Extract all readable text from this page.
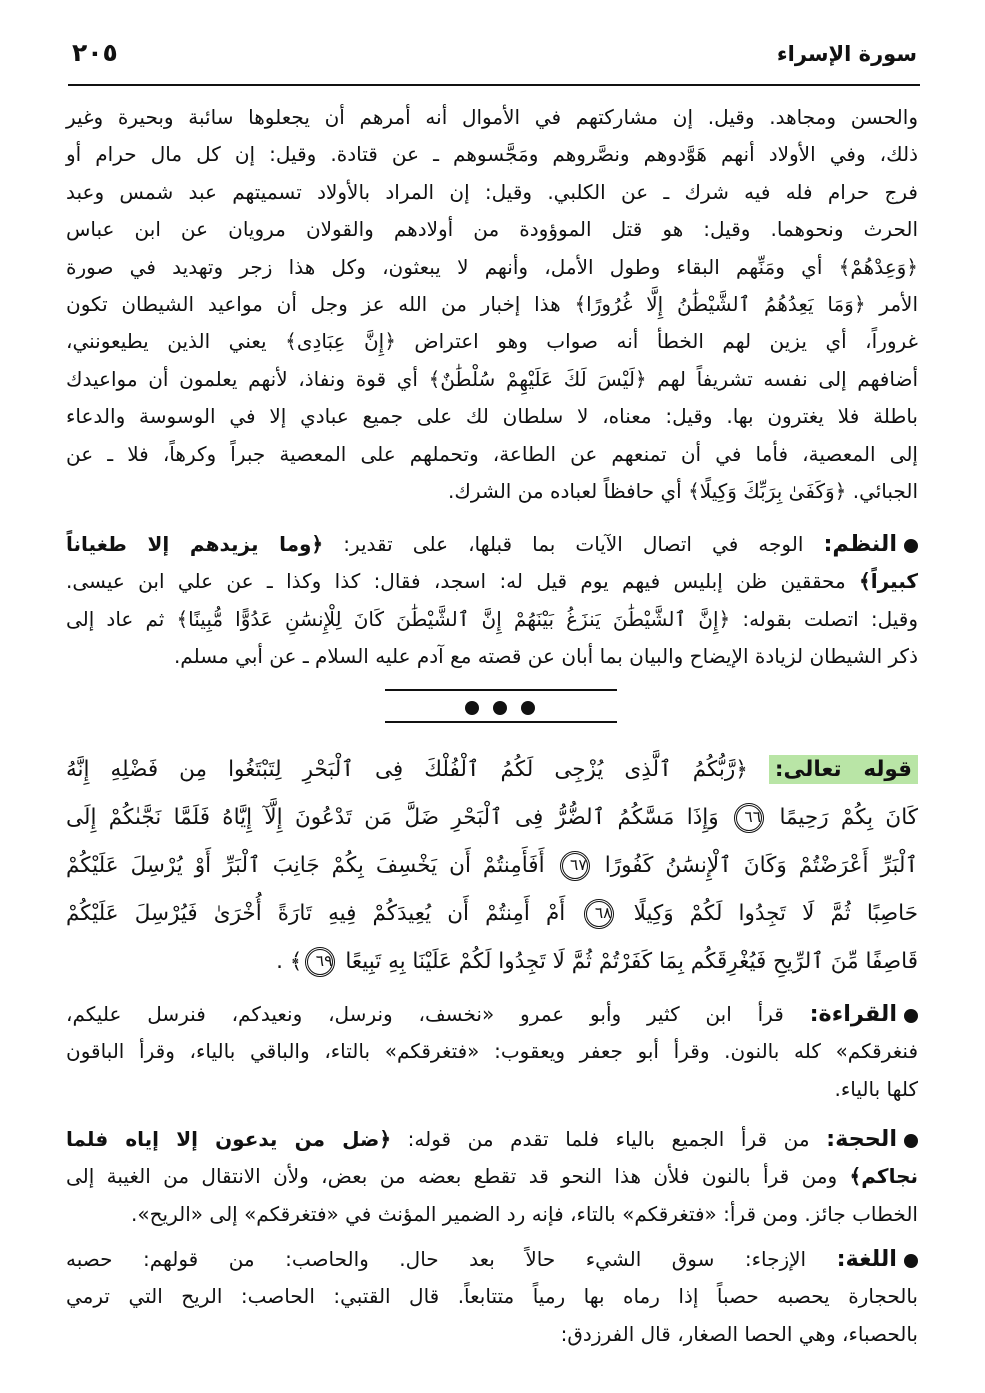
سورة الإسراء
٢٠٥
والحسن ومجاهد. وقيل. إن مشاركتهم في الأموال أنه أمرهم أن يجعلوها سائبة وبحيرة وغير
ذلك، وفي الأولاد أنهم هَوَّدوهم ونصَّروهم ومَجَّسوهم ـ عن قتادة. وقيل: إن كل مال حرام أو
فرج حرام فله فيه شرك ـ عن الكلبي. وقيل: إن المراد بالأولاد تسميتهم عبد شمس وعبد
الحرث ونحوهما. وقيل: هو قتل الموؤودة من أولادهم والقولان مرويان عن ابن عباس
﴿وَعِدْهُمْ﴾ أي ومَنِّهم البقاء وطول الأمل، وأنهم لا يبعثون، وكل هذا زجر وتهديد في صورة
الأمر ﴿وَمَا يَعِدُهُمُ ٱلشَّيْطَٰنُ إِلَّا غُرُورًا﴾ هذا إخبار من الله عز وجل أن مواعيد الشيطان تكون
غروراً، أي يزين لهم الخطأ أنه صواب وهو اعتراض ﴿إِنَّ عِبَادِى﴾ يعني الذين يطيعونني،
أضافهم إلى نفسه تشريفاً لهم ﴿لَيْسَ لَكَ عَلَيْهِمْ سُلْطَٰنٌ﴾ أي قوة ونفاذ، لأنهم يعلمون أن مواعيدك
باطلة فلا يغترون بها. وقيل: معناه، لا سلطان لك على جميع عبادي إلا في الوسوسة والدعاء
إلى المعصية، فأما في أن تمنعهم عن الطاعة، وتحملهم على المعصية جبراً وكرهاً، فلا ـ عن
الجبائي. ﴿وَكَفَىٰ بِرَبِّكَ وَكِيلًا﴾ أي حافظاً لعباده من الشرك.
النظم: الوجه في اتصال الآيات بما قبلها، على تقدير: ﴿وما يزيدهم إلا طغياناً
كبيراً﴾ محققين ظن إبليس فيهم يوم قيل له: اسجد، فقال: كذا وكذا ـ عن علي ابن عيسى.
وقيل: اتصلت بقوله: ﴿إِنَّ ٱلشَّيْطَٰنَ يَنزَغُ بَيْنَهُمْ إِنَّ ٱلشَّيْطَٰنَ كَانَ لِلْإِنسَٰنِ عَدُوًّا مُّبِينًا﴾ ثم عاد إلى
ذكر الشيطان لزيادة الإيضاح والبيان بما أبان عن قصته مع آدم عليه السلام ـ عن أبي مسلم.
قوله تعالى: ﴿رَّبُّكُمُ ٱلَّذِى يُزْجِى لَكُمُ ٱلْفُلْكَ فِى ٱلْبَحْرِ لِتَبْتَغُوا مِن فَضْلِهِ إِنَّهُ
كَانَ بِكُمْ رَحِيمًا ٦٦ وَإِذَا مَسَّكُمُ ٱلضُّرُّ فِى ٱلْبَحْرِ ضَلَّ مَن تَدْعُونَ إِلَّآ إِيَّاهُ فَلَمَّا نَجَّىٰكُمْ إِلَى
ٱلْبَرِّ أَعْرَضْتُمْ وَكَانَ ٱلْإِنسَٰنُ كَفُورًا ٦٧ أَفَأَمِنتُمْ أَن يَخْسِفَ بِكُمْ جَانِبَ ٱلْبَرِّ أَوْ يُرْسِلَ عَلَيْكُمْ
حَاصِبًا ثُمَّ لَا تَجِدُوا لَكُمْ وَكِيلًا ٦٨ أَمْ أَمِنتُمْ أَن يُعِيدَكُمْ فِيهِ تَارَةً أُخْرَىٰ فَيُرْسِلَ عَلَيْكُمْ
قَاصِفًا مِّنَ ٱلرِّيحِ فَيُغْرِقَكُم بِمَا كَفَرْتُمْ ثُمَّ لَا تَجِدُوا لَكُمْ عَلَيْنَا بِهِ تَبِيعًا ٦٩﴾ .
القراءة: قرأ ابن كثير وأبو عمرو «نخسف، ونرسل، ونعيدكم، فنرسل عليكم،
فنغرقكم» كله بالنون. وقرأ أبو جعفر ويعقوب: «فتغرقكم» بالتاء، والباقي بالياء، وقرأ الباقون
كلها بالياء.
الحجة: من قرأ الجميع بالياء فلما تقدم من قوله: ﴿ضل من يدعون إلا إياه فلما
نجاكم﴾ ومن قرأ بالنون فلأن هذا النحو قد تقطع بعضه من بعض، ولأن الانتقال من الغيبة إلى
الخطاب جائز. ومن قرأ: «فتغرقكم» بالتاء، فإنه رد الضمير المؤنث في «فتغرقكم» إلى «الريح».
اللغة: الإزجاء: سوق الشيء حالاً بعد حال. والحاصب: من قولهم: حصبه
بالحجارة يحصبه حصباً إذا رماه بها رمياً متتابعاً. قال القتبي: الحاصب: الريح التي ترمي
بالحصباء، وهي الحصا الصغار، قال الفرزدق:
